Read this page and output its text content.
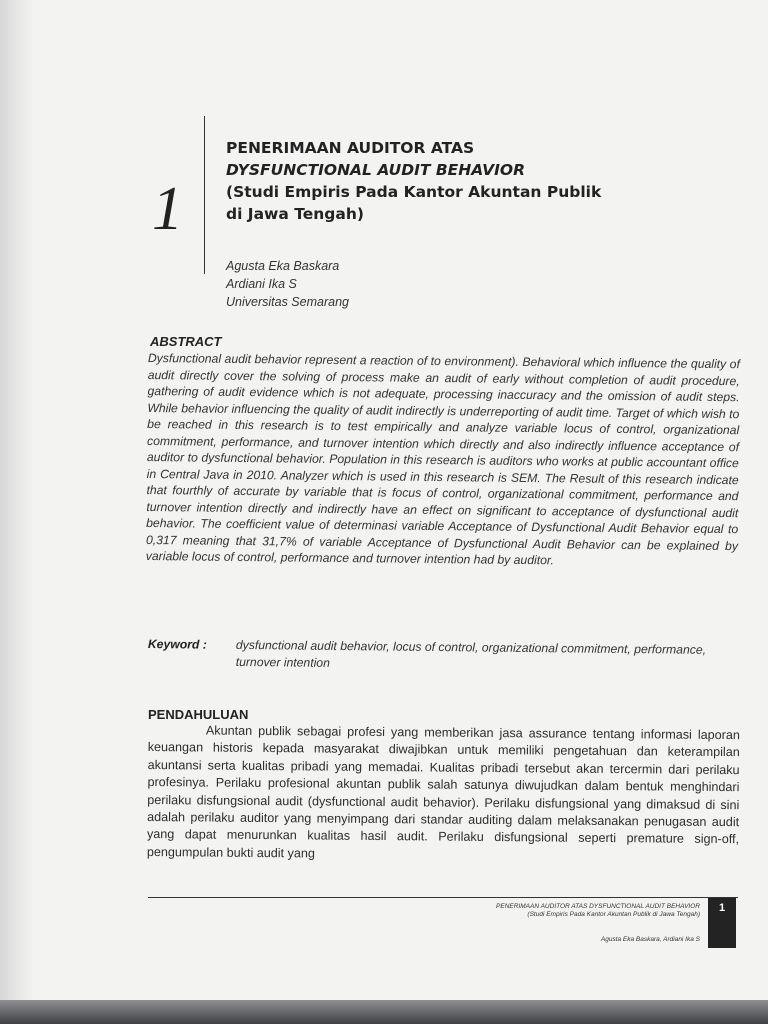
1
PENERIMAAN AUDITOR ATAS
DYSFUNCTIONAL AUDIT BEHAVIOR
(Studi Empiris Pada Kantor Akuntan Publik
di Jawa Tengah)
Agusta Eka Baskara
Ardiani Ika S
Universitas Semarang
ABSTRACT

Dysfunctional audit behavior represent a reaction of to environment). Behavioral which influence the quality of audit directly cover the solving of process make an audit of early without completion of audit procedure, gathering of audit evidence which is not adequate, processing inaccuracy and the omission of audit steps. While behavior influencing the quality of audit indirectly is underreporting of audit time. Target of which wish to be reached in this research is to test empirically and analyze variable locus of control, organizational commitment, performance, and turnover intention which directly and also indirectly influence acceptance of auditor to dysfunctional behavior. Population in this research is auditors who works at public accountant office in Central Java in 2010. Analyzer which is used in this research is SEM. The Result of this research indicate that fourthly of accurate by variable that is focus of control, organizational commitment, performance and turnover intention directly and indirectly have an effect on significant to acceptance of dysfunctional audit behavior. The coefficient value of determinasi variable Acceptance of Dysfunctional Audit Behavior equal to 0,317 meaning that 31,7% of variable Acceptance of Dysfunctional Audit Behavior can be explained by variable locus of control, performance and turnover intention had by auditor.

Keyword :	dysfunctional audit behavior, locus of control, organizational commitment, performance, turnover intention
PENDAHULUAN

Akuntan publik sebagai profesi yang memberikan jasa assurance tentang informasi laporan keuangan historis kepada masyarakat diwajibkan untuk memiliki pengetahuan dan keterampilan akuntansi serta kualitas pribadi yang memadai. Kualitas pribadi tersebut akan tercermin dari perilaku profesinya. Perilaku profesional akuntan publik salah satunya diwujudkan dalam bentuk menghindari perilaku disfungsional audit (dysfunctional audit behavior). Perilaku disfungsional yang dimaksud di sini adalah perilaku auditor yang menyimpang dari standar auditing dalam melaksanakan penugasan audit yang dapat menurunkan kualitas hasil audit. Perilaku disfungsional seperti premature sign-off, pengumpulan bukti audit yang

PENERIMAAN AUDITOR ATAS DYSFUNCTIONAL AUDIT BEHAVIOR
(Studi Empiris Pada Kantor Akuntan Publik di Jawa Tengah)
1
Agusta Eka Baskara, Ardiani Ika S
